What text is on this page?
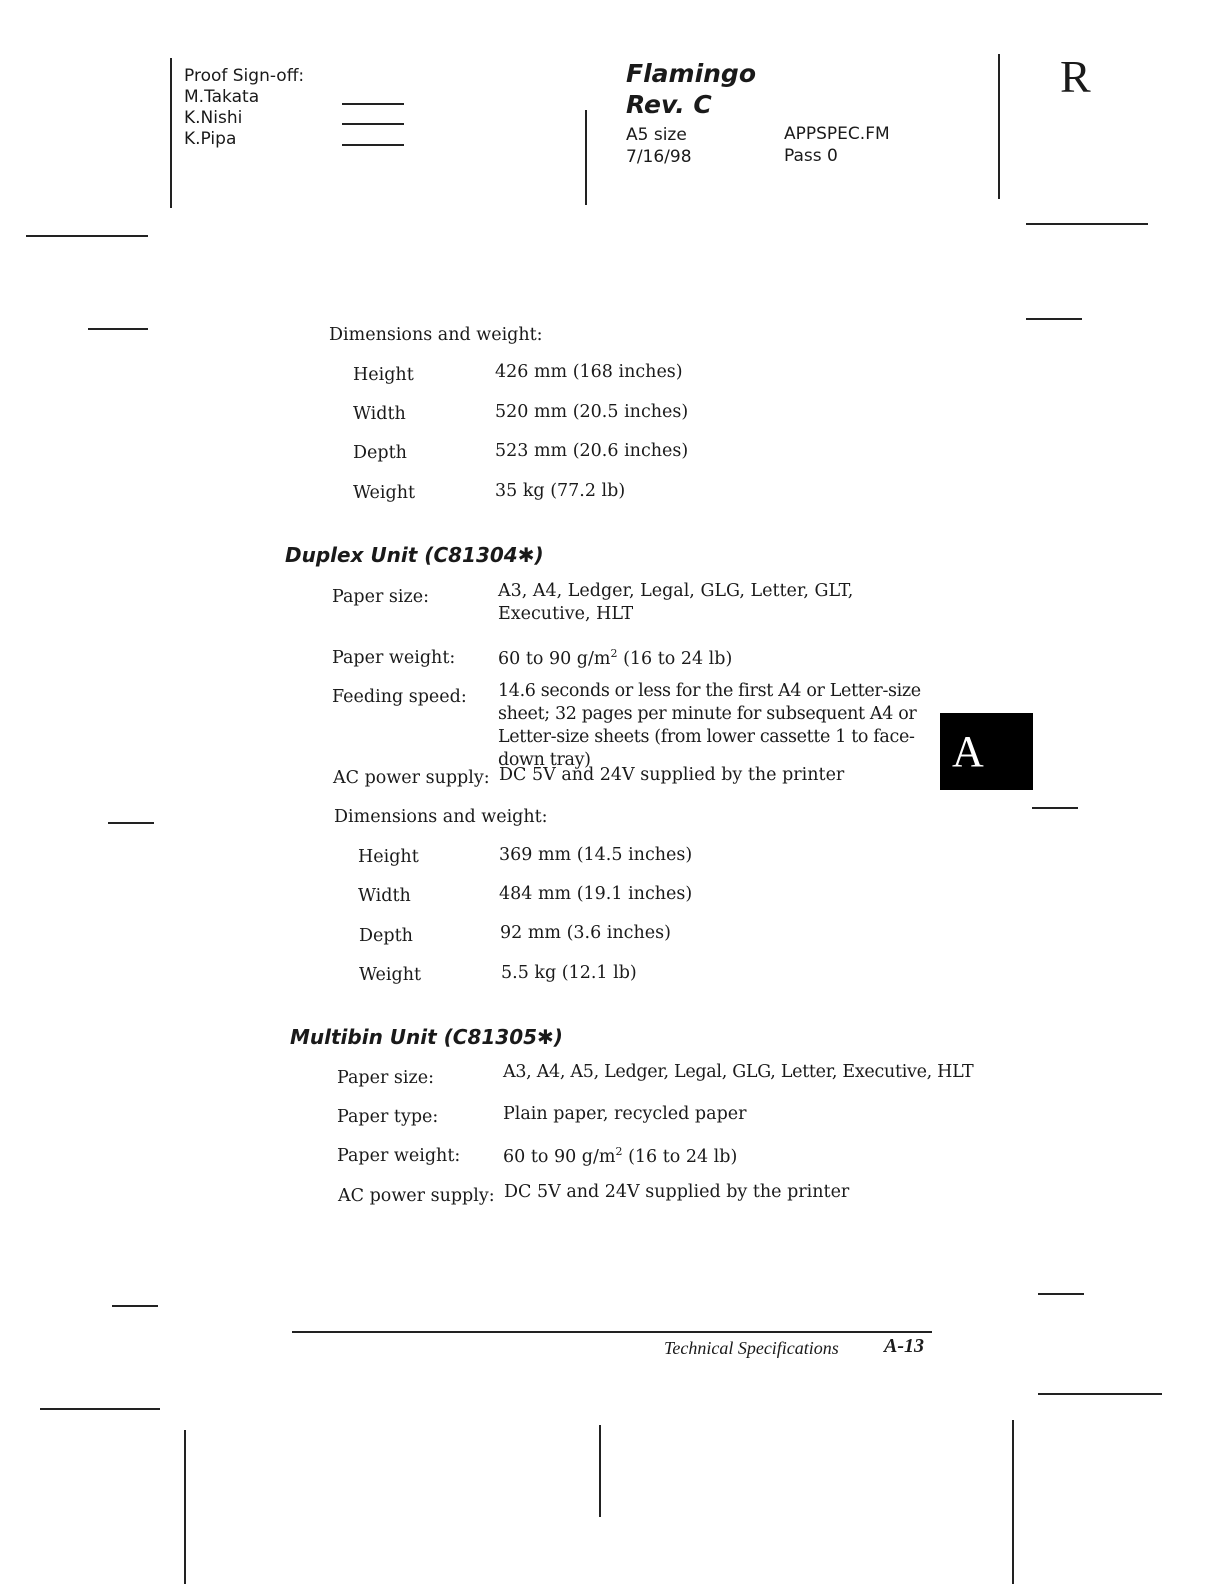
Proof Sign-off:
M.Takata
K.Nishi
K.Pipa
Flamingo
Rev. C
A5 size
7/16/98
APPSPEC.FM
Pass 0
R
Dimensions and weight:
Height	426 mm (168 inches)
Width	520 mm (20.5 inches)
Depth	523 mm (20.6 inches)
Weight	35 kg (77.2 lb)
Duplex Unit (C81304✱)
Paper size:	A3, A4, Ledger, Legal, GLG, Letter, GLT, Executive, HLT
Paper weight: 60 to 90 $g/m^2$ (16 to 24 lb)
Feeding speed: 14.6 seconds or less for the first A4 or Letter-size sheet; 32 pages per minute for subsequent A4 or Letter-size sheets (from lower cassette 1 to face-down tray)
AC power supply: DC 5V and 24V supplied by the printer
Dimensions and weight:
Height	369 mm (14.5 inches)
Width	484 mm (19.1 inches)
Depth	92 mm (3.6 inches)
Weight	5.5 kg (12.1 lb)
A
Multibin Unit (C81305✱)
Paper size:	A3, A4, A5, Ledger, Legal, GLG, Letter, Executive, HLT
Paper type:	Plain paper, recycled paper
Paper weight: 60 to 90 $g/m^2$ (16 to 24 lb)
AC power supply: DC 5V and 24V supplied by the printer
Technical Specifications A-13
